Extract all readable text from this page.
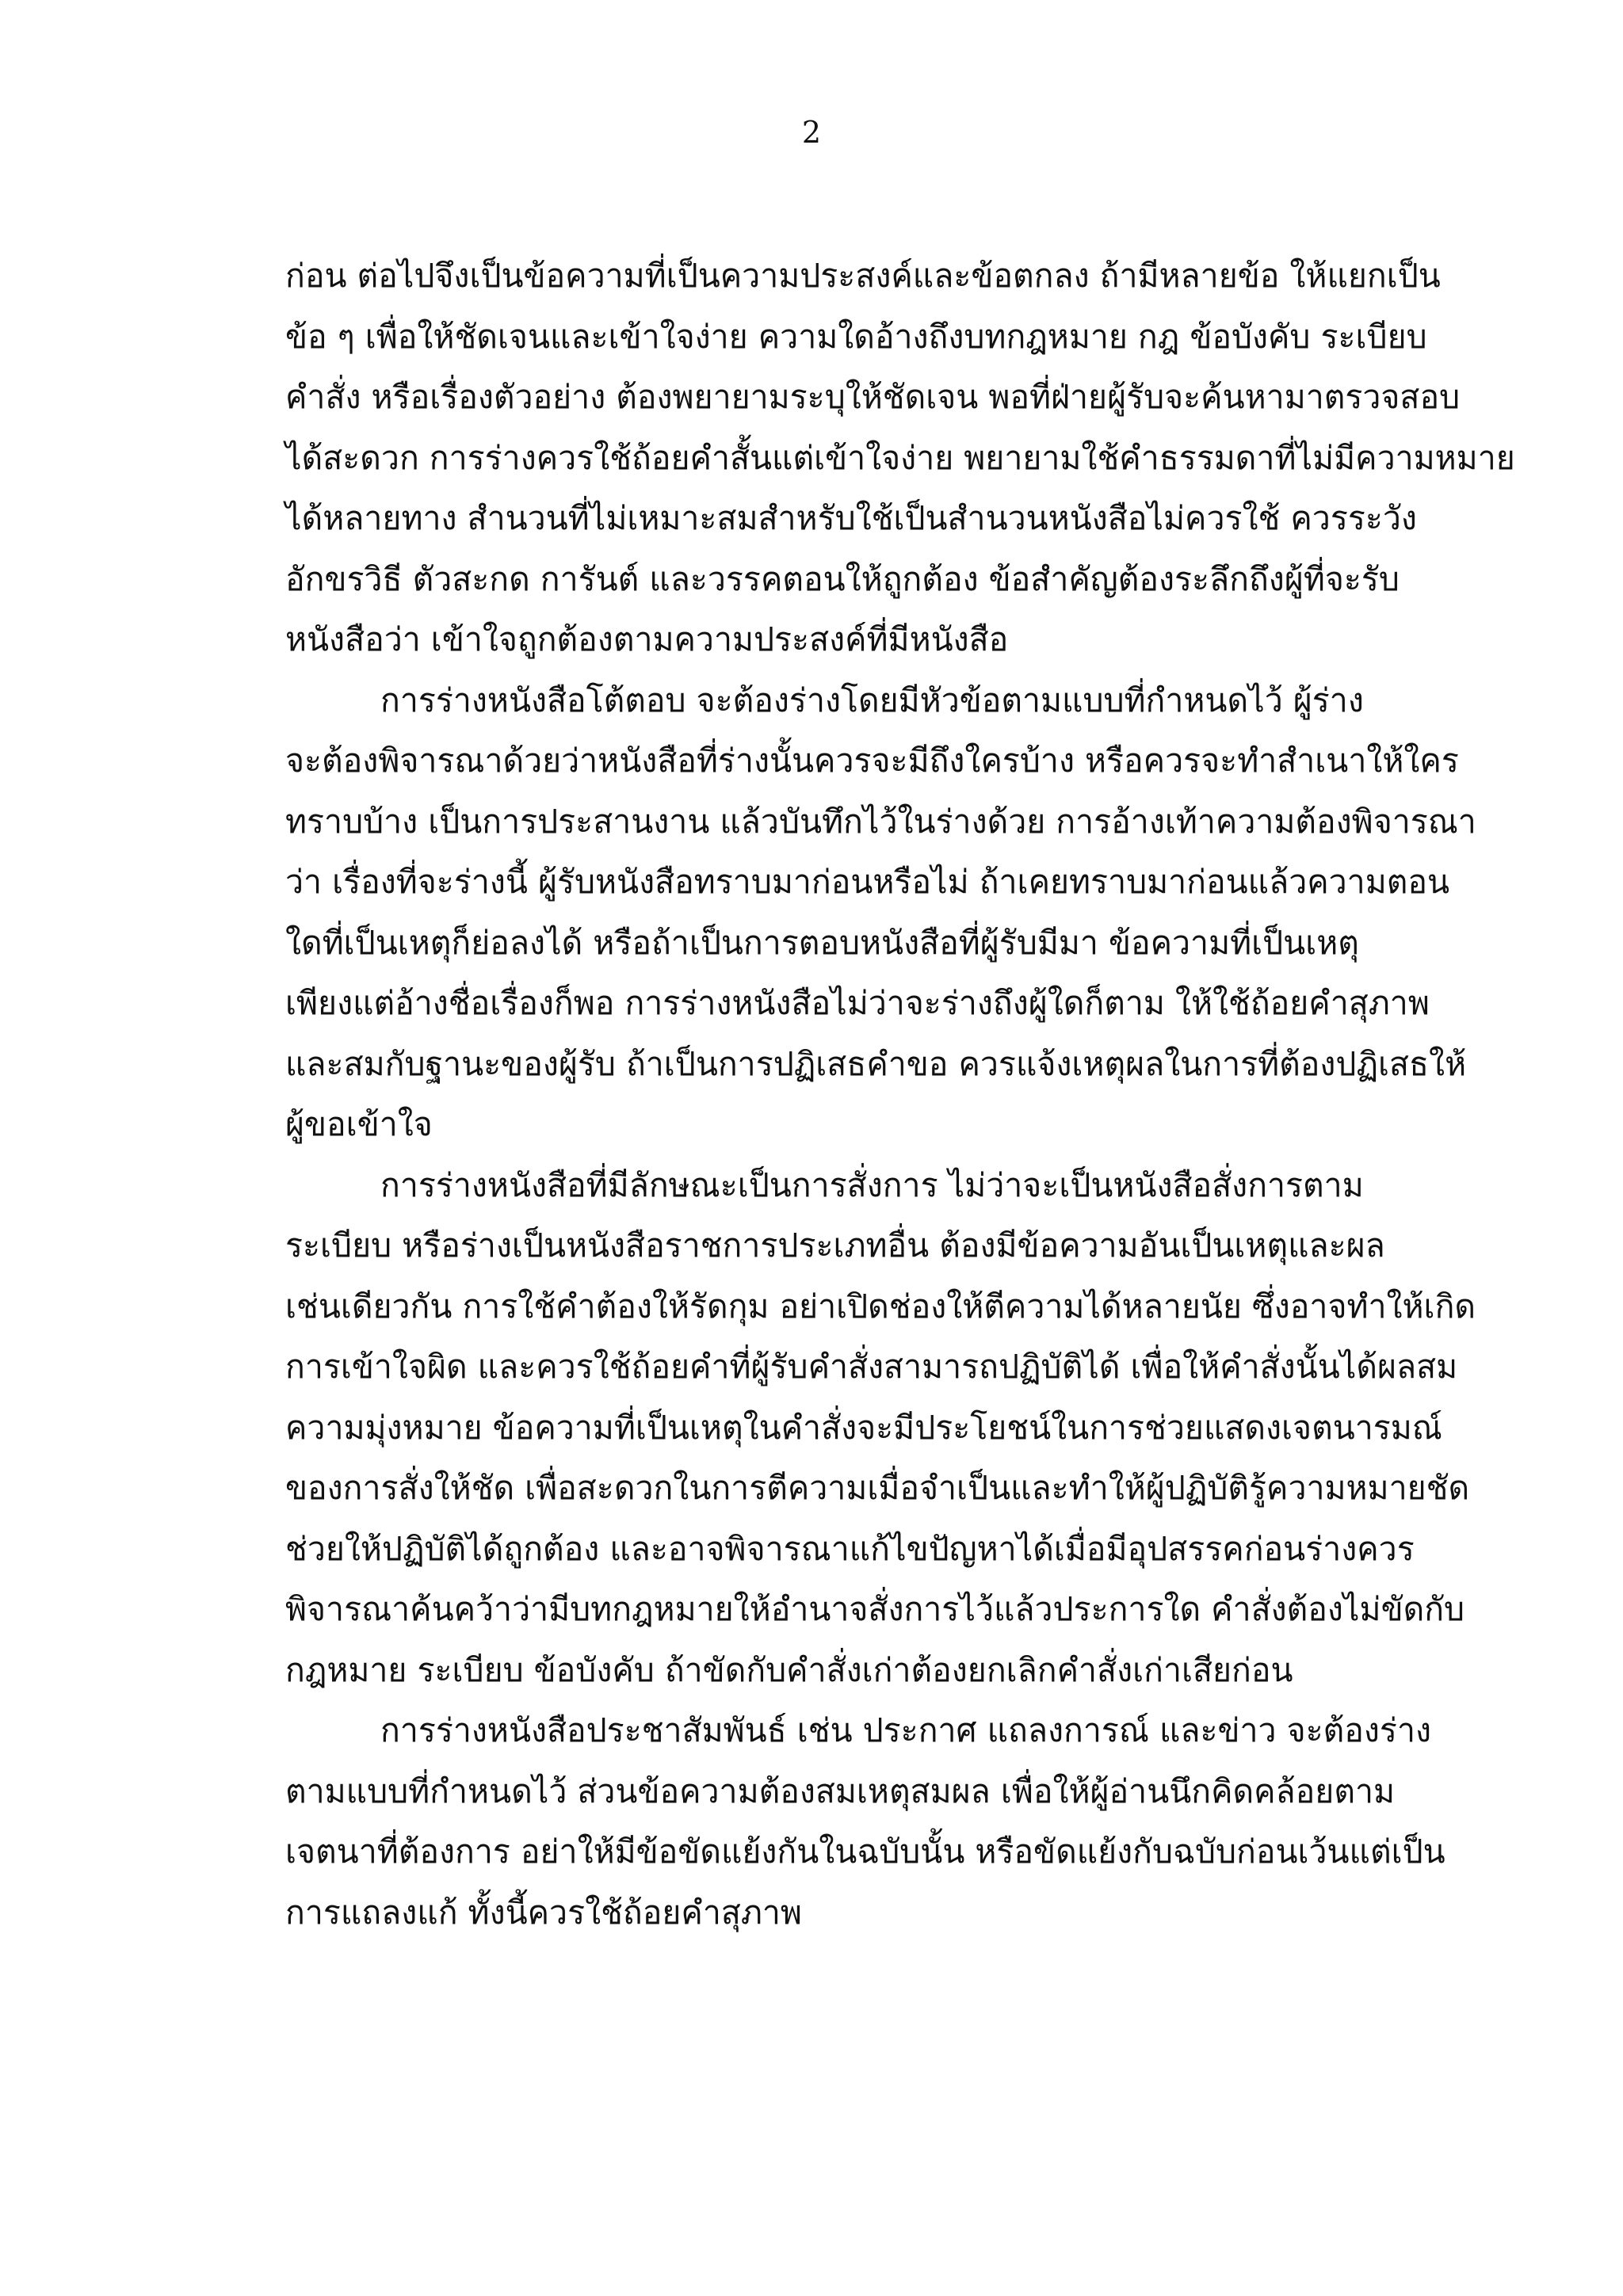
2

ก่อน ต่อไปจึงเป็นข้อความที่เป็นความประสงค์และข้อตกลง ถ้ามีหลายข้อ ให้แยกเป็น
ข้อ ๆ เพื่อให้ชัดเจนและเข้าใจง่าย ความใดอ้างถึงบทกฎหมาย กฎ ข้อบังคับ ระเบียบ
คำสั่ง หรือเรื่องตัวอย่าง ต้องพยายามระบุให้ชัดเจน พอที่ฝ่ายผู้รับจะค้นหามาตรวจสอบ
ได้สะดวก การร่างควรใช้ถ้อยคำสั้นแต่เข้าใจง่าย พยายามใช้คำธรรมดาที่ไม่มีความหมาย
ได้หลายทาง สำนวนที่ไม่เหมาะสมสำหรับใช้เป็นสำนวนหนังสือไม่ควรใช้ ควรระวัง
อักขรวิธี ตัวสะกด การันต์ และวรรคตอนให้ถูกต้อง ข้อสำคัญต้องระลึกถึงผู้ที่จะรับ
หนังสือว่า เข้าใจถูกต้องตามความประสงค์ที่มีหนังสือ

การร่างหนังสือโต้ตอบ จะต้องร่างโดยมีหัวข้อตามแบบที่กำหนดไว้ ผู้ร่าง
จะต้องพิจารณาด้วยว่าหนังสือที่ร่างนั้นควรจะมีถึงใครบ้าง หรือควรจะทำสำเนาให้ใคร
ทราบบ้าง เป็นการประสานงาน แล้วบันทึกไว้ในร่างด้วย การอ้างเท้าความต้องพิจารณา
ว่า เรื่องที่จะร่างนี้ ผู้รับหนังสือทราบมาก่อนหรือไม่ ถ้าเคยทราบมาก่อนแล้วความตอน
ใดที่เป็นเหตุก็ย่อลงได้ หรือถ้าเป็นการตอบหนังสือที่ผู้รับมีมา ข้อความที่เป็นเหตุ
เพียงแต่อ้างชื่อเรื่องก็พอ การร่างหนังสือไม่ว่าจะร่างถึงผู้ใดก็ตาม ให้ใช้ถ้อยคำสุภาพ
และสมกับฐานะของผู้รับ ถ้าเป็นการปฏิเสธคำขอ ควรแจ้งเหตุผลในการที่ต้องปฏิเสธให้
ผู้ขอเข้าใจ

การร่างหนังสือที่มีลักษณะเป็นการสั่งการ ไม่ว่าจะเป็นหนังสือสั่งการตาม
ระเบียบ หรือร่างเป็นหนังสือราชการประเภทอื่น ต้องมีข้อความอันเป็นเหตุและผล
เช่นเดียวกัน การใช้คำต้องให้รัดกุม อย่าเปิดช่องให้ตีความได้หลายนัย ซึ่งอาจทำให้เกิด
การเข้าใจผิด และควรใช้ถ้อยคำที่ผู้รับคำสั่งสามารถปฏิบัติได้ เพื่อให้คำสั่งนั้นได้ผลสม
ความมุ่งหมาย ข้อความที่เป็นเหตุในคำสั่งจะมีประโยชน์ในการช่วยแสดงเจตนารมณ์
ของการสั่งให้ชัด เพื่อสะดวกในการตีความเมื่อจำเป็นและทำให้ผู้ปฏิบัติรู้ความหมายชัด
ช่วยให้ปฏิบัติได้ถูกต้อง และอาจพิจารณาแก้ไขปัญหาได้เมื่อมีอุปสรรคก่อนร่างควร
พิจารณาค้นคว้าว่ามีบทกฎหมายให้อำนาจสั่งการไว้แล้วประการใด คำสั่งต้องไม่ขัดกับ
กฎหมาย ระเบียบ ข้อบังคับ ถ้าขัดกับคำสั่งเก่าต้องยกเลิกคำสั่งเก่าเสียก่อน

การร่างหนังสือประชาสัมพันธ์ เช่น ประกาศ แถลงการณ์ และข่าว จะต้องร่าง
ตามแบบที่กำหนดไว้ ส่วนข้อความต้องสมเหตุสมผล เพื่อให้ผู้อ่านนึกคิดคล้อยตาม
เจตนาที่ต้องการ อย่าให้มีข้อขัดแย้งกันในฉบับนั้น หรือขัดแย้งกับฉบับก่อนเว้นแต่เป็น
การแถลงแก้ ทั้งนี้ควรใช้ถ้อยคำสุภาพ
